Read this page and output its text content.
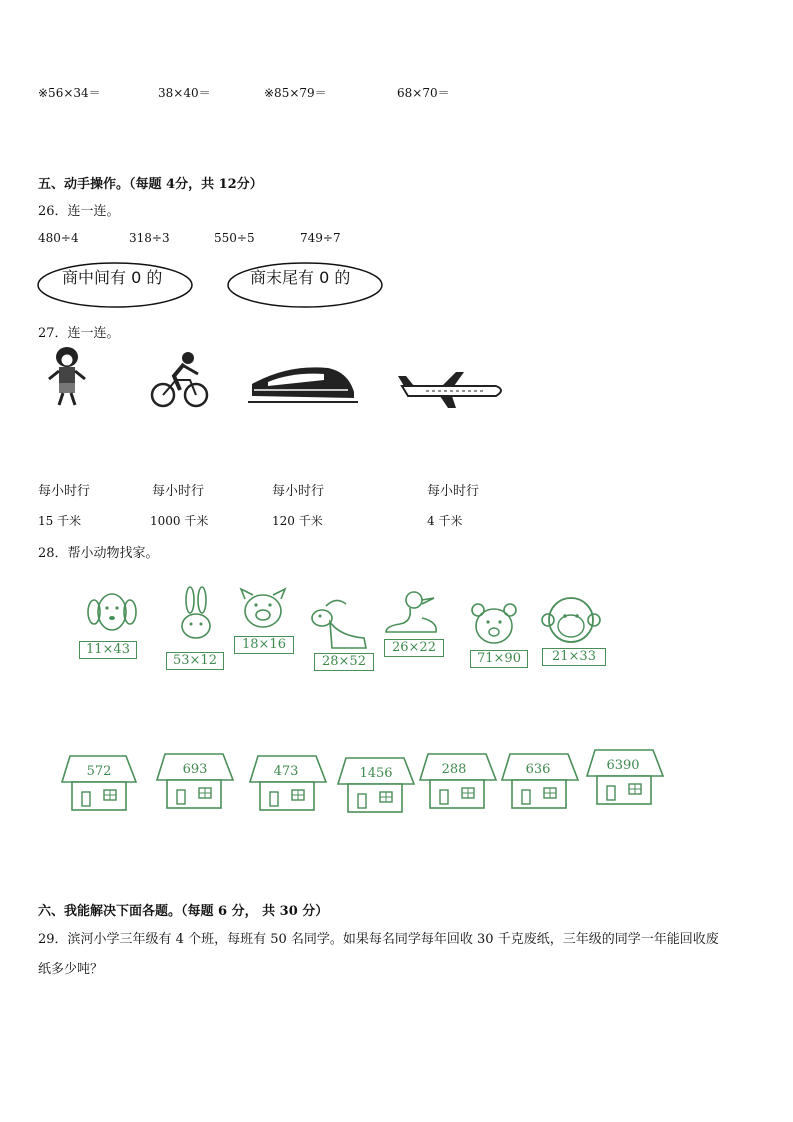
※56×34＝	38×40＝	※85×79＝	68×70＝
五、动手操作。（每题 4分，共 12分）
26．连一连。
480÷4	318÷3	550÷5	749÷7
商中间有 0 的	商末尾有 0 的
27．连一连。
每小时行	每小时行	每小时行	每小时行
15 千米	1000 千米	120 千米	4 千米
28．帮小动物找家。
11×43
53×12
18×16
28×52
26×22
71×90	21×33
572	693	473	1456	288	636	6390
六、我能解决下面各题。（每题 6 分， 共 30 分）
29．滨河小学三年级有 4 个班，每班有 50 名同学。如果每名同学每年回收 30 千克废纸，三年级的同学一年能回收废
纸多少吨？
